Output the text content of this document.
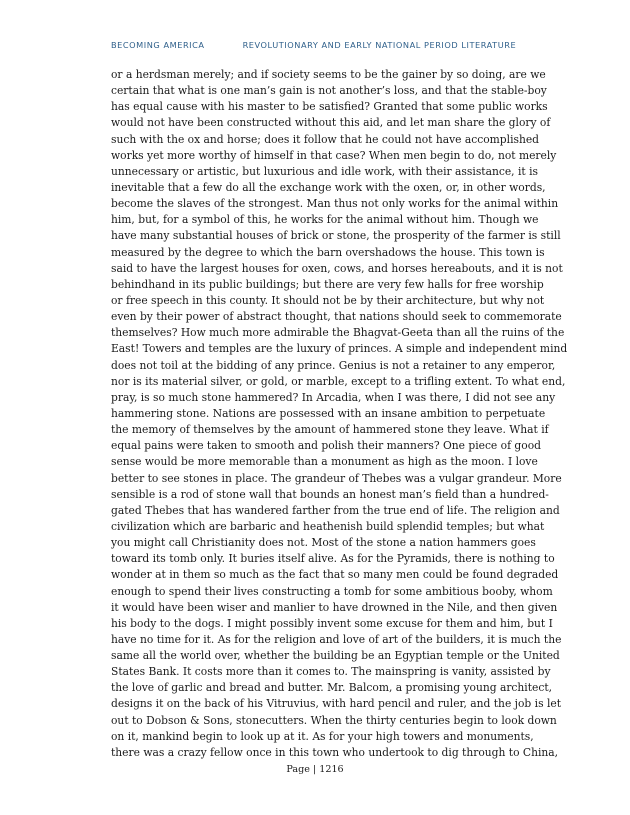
BECOMING AMERICA	REVOLUTIONARY AND EARLY NATIONAL PERIOD LITERATURE
or a herdsman merely; and if society seems to be the gainer by so doing, are we
certain that what is one man’s gain is not another’s loss, and that the stable-boy
has equal cause with his master to be satisfied? Granted that some public works
would not have been constructed without this aid, and let man share the glory of
such with the ox and horse; does it follow that he could not have accomplished
works yet more worthy of himself in that case? When men begin to do, not merely
unnecessary or artistic, but luxurious and idle work, with their assistance, it is
inevitable that a few do all the exchange work with the oxen, or, in other words,
become the slaves of the strongest. Man thus not only works for the animal within
him, but, for a symbol of this, he works for the animal without him. Though we
have many substantial houses of brick or stone, the prosperity of the farmer is still
measured by the degree to which the barn overshadows the house. This town is
said to have the largest houses for oxen, cows, and horses hereabouts, and it is not
behindhand in its public buildings; but there are very few halls for free worship
or free speech in this county. It should not be by their architecture, but why not
even by their power of abstract thought, that nations should seek to commemorate
themselves? How much more admirable the Bhagvat-Geeta than all the ruins of the
East! Towers and temples are the luxury of princes. A simple and independent mind
does not toil at the bidding of any prince. Genius is not a retainer to any emperor,
nor is its material silver, or gold, or marble, except to a trifling extent. To what end,
pray, is so much stone hammered? In Arcadia, when I was there, I did not see any
hammering stone. Nations are possessed with an insane ambition to perpetuate
the memory of themselves by the amount of hammered stone they leave. What if
equal pains were taken to smooth and polish their manners? One piece of good
sense would be more memorable than a monument as high as the moon. I love
better to see stones in place. The grandeur of Thebes was a vulgar grandeur. More
sensible is a rod of stone wall that bounds an honest man’s field than a hundred-
gated Thebes that has wandered farther from the true end of life. The religion and
civilization which are barbaric and heathenish build splendid temples; but what
you might call Christianity does not. Most of the stone a nation hammers goes
toward its tomb only. It buries itself alive. As for the Pyramids, there is nothing to
wonder at in them so much as the fact that so many men could be found degraded
enough to spend their lives constructing a tomb for some ambitious booby, whom
it would have been wiser and manlier to have drowned in the Nile, and then given
his body to the dogs. I might possibly invent some excuse for them and him, but I
have no time for it. As for the religion and love of art of the builders, it is much the
same all the world over, whether the building be an Egyptian temple or the United
States Bank. It costs more than it comes to. The mainspring is vanity, assisted by
the love of garlic and bread and butter. Mr. Balcom, a promising young architect,
designs it on the back of his Vitruvius, with hard pencil and ruler, and the job is let
out to Dobson & Sons, stonecutters. When the thirty centuries begin to look down
on it, mankind begin to look up at it. As for your high towers and monuments,
there was a crazy fellow once in this town who undertook to dig through to China,
Page | 1216
